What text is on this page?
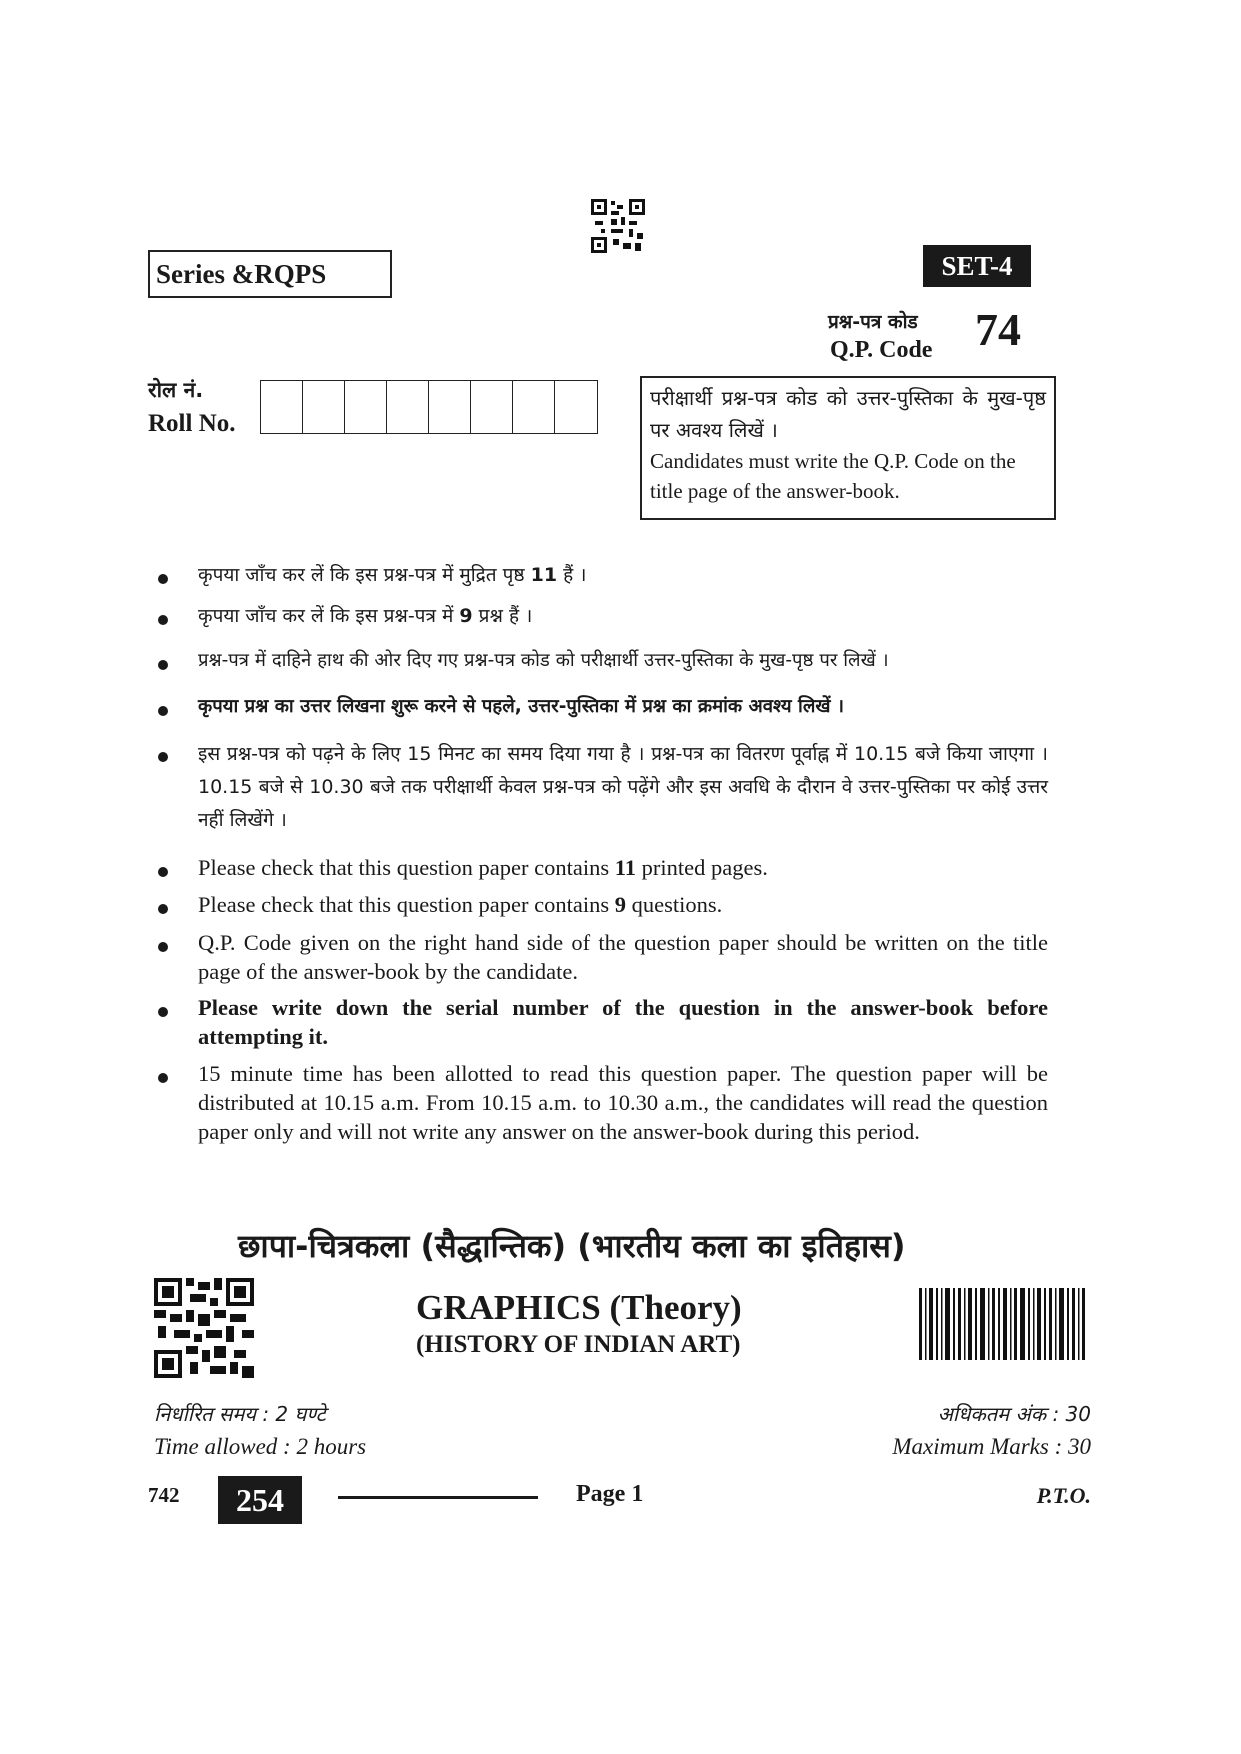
Series &RQPS	SET-4
प्रश्न-पत्र कोड
Q.P. Code 74
रोल नं.
Roll No.
परीक्षार्थी प्रश्न-पत्र कोड को उत्तर-पुस्तिका के मुख-पृष्ठ पर अवश्य लिखें ।
Candidates must write the Q.P. Code on the title page of the answer-book.
कृपया जाँच कर लें कि इस प्रश्न-पत्र में मुद्रित पृष्ठ 11 हैं ।
कृपया जाँच कर लें कि इस प्रश्न-पत्र में 9 प्रश्न हैं ।
प्रश्न-पत्र में दाहिने हाथ की ओर दिए गए प्रश्न-पत्र कोड को परीक्षार्थी उत्तर-पुस्तिका के मुख-पृष्ठ पर लिखें ।
कृपया प्रश्न का उत्तर लिखना शुरू करने से पहले, उत्तर-पुस्तिका में प्रश्न का क्रमांक अवश्य लिखें ।
इस प्रश्न-पत्र को पढ़ने के लिए 15 मिनट का समय दिया गया है । प्रश्न-पत्र का वितरण पूर्वाह्न में 10.15 बजे किया जाएगा । 10.15 बजे से 10.30 बजे तक परीक्षार्थी केवल प्रश्न-पत्र को पढ़ेंगे और इस अवधि के दौरान वे उत्तर-पुस्तिका पर कोई उत्तर नहीं लिखेंगे ।
Please check that this question paper contains 11 printed pages.
Please check that this question paper contains 9 questions.
Q.P. Code given on the right hand side of the question paper should be written on the title page of the answer-book by the candidate.
Please write down the serial number of the question in the answer-book before attempting it.
15 minute time has been allotted to read this question paper. The question paper will be distributed at 10.15 a.m. From 10.15 a.m. to 10.30 a.m., the candidates will read the question paper only and will not write any answer on the answer-book during this period.
छापा-चित्रकला (सैद्धान्तिक) (भारतीय कला का इतिहास)
GRAPHICS (Theory)
(HISTORY OF INDIAN ART)
निर्धारित समय : 2 घण्टे
Time allowed : 2 hours
अधिकतम अंक : 30
Maximum Marks : 30
742	254	Page 1	P.T.O.
